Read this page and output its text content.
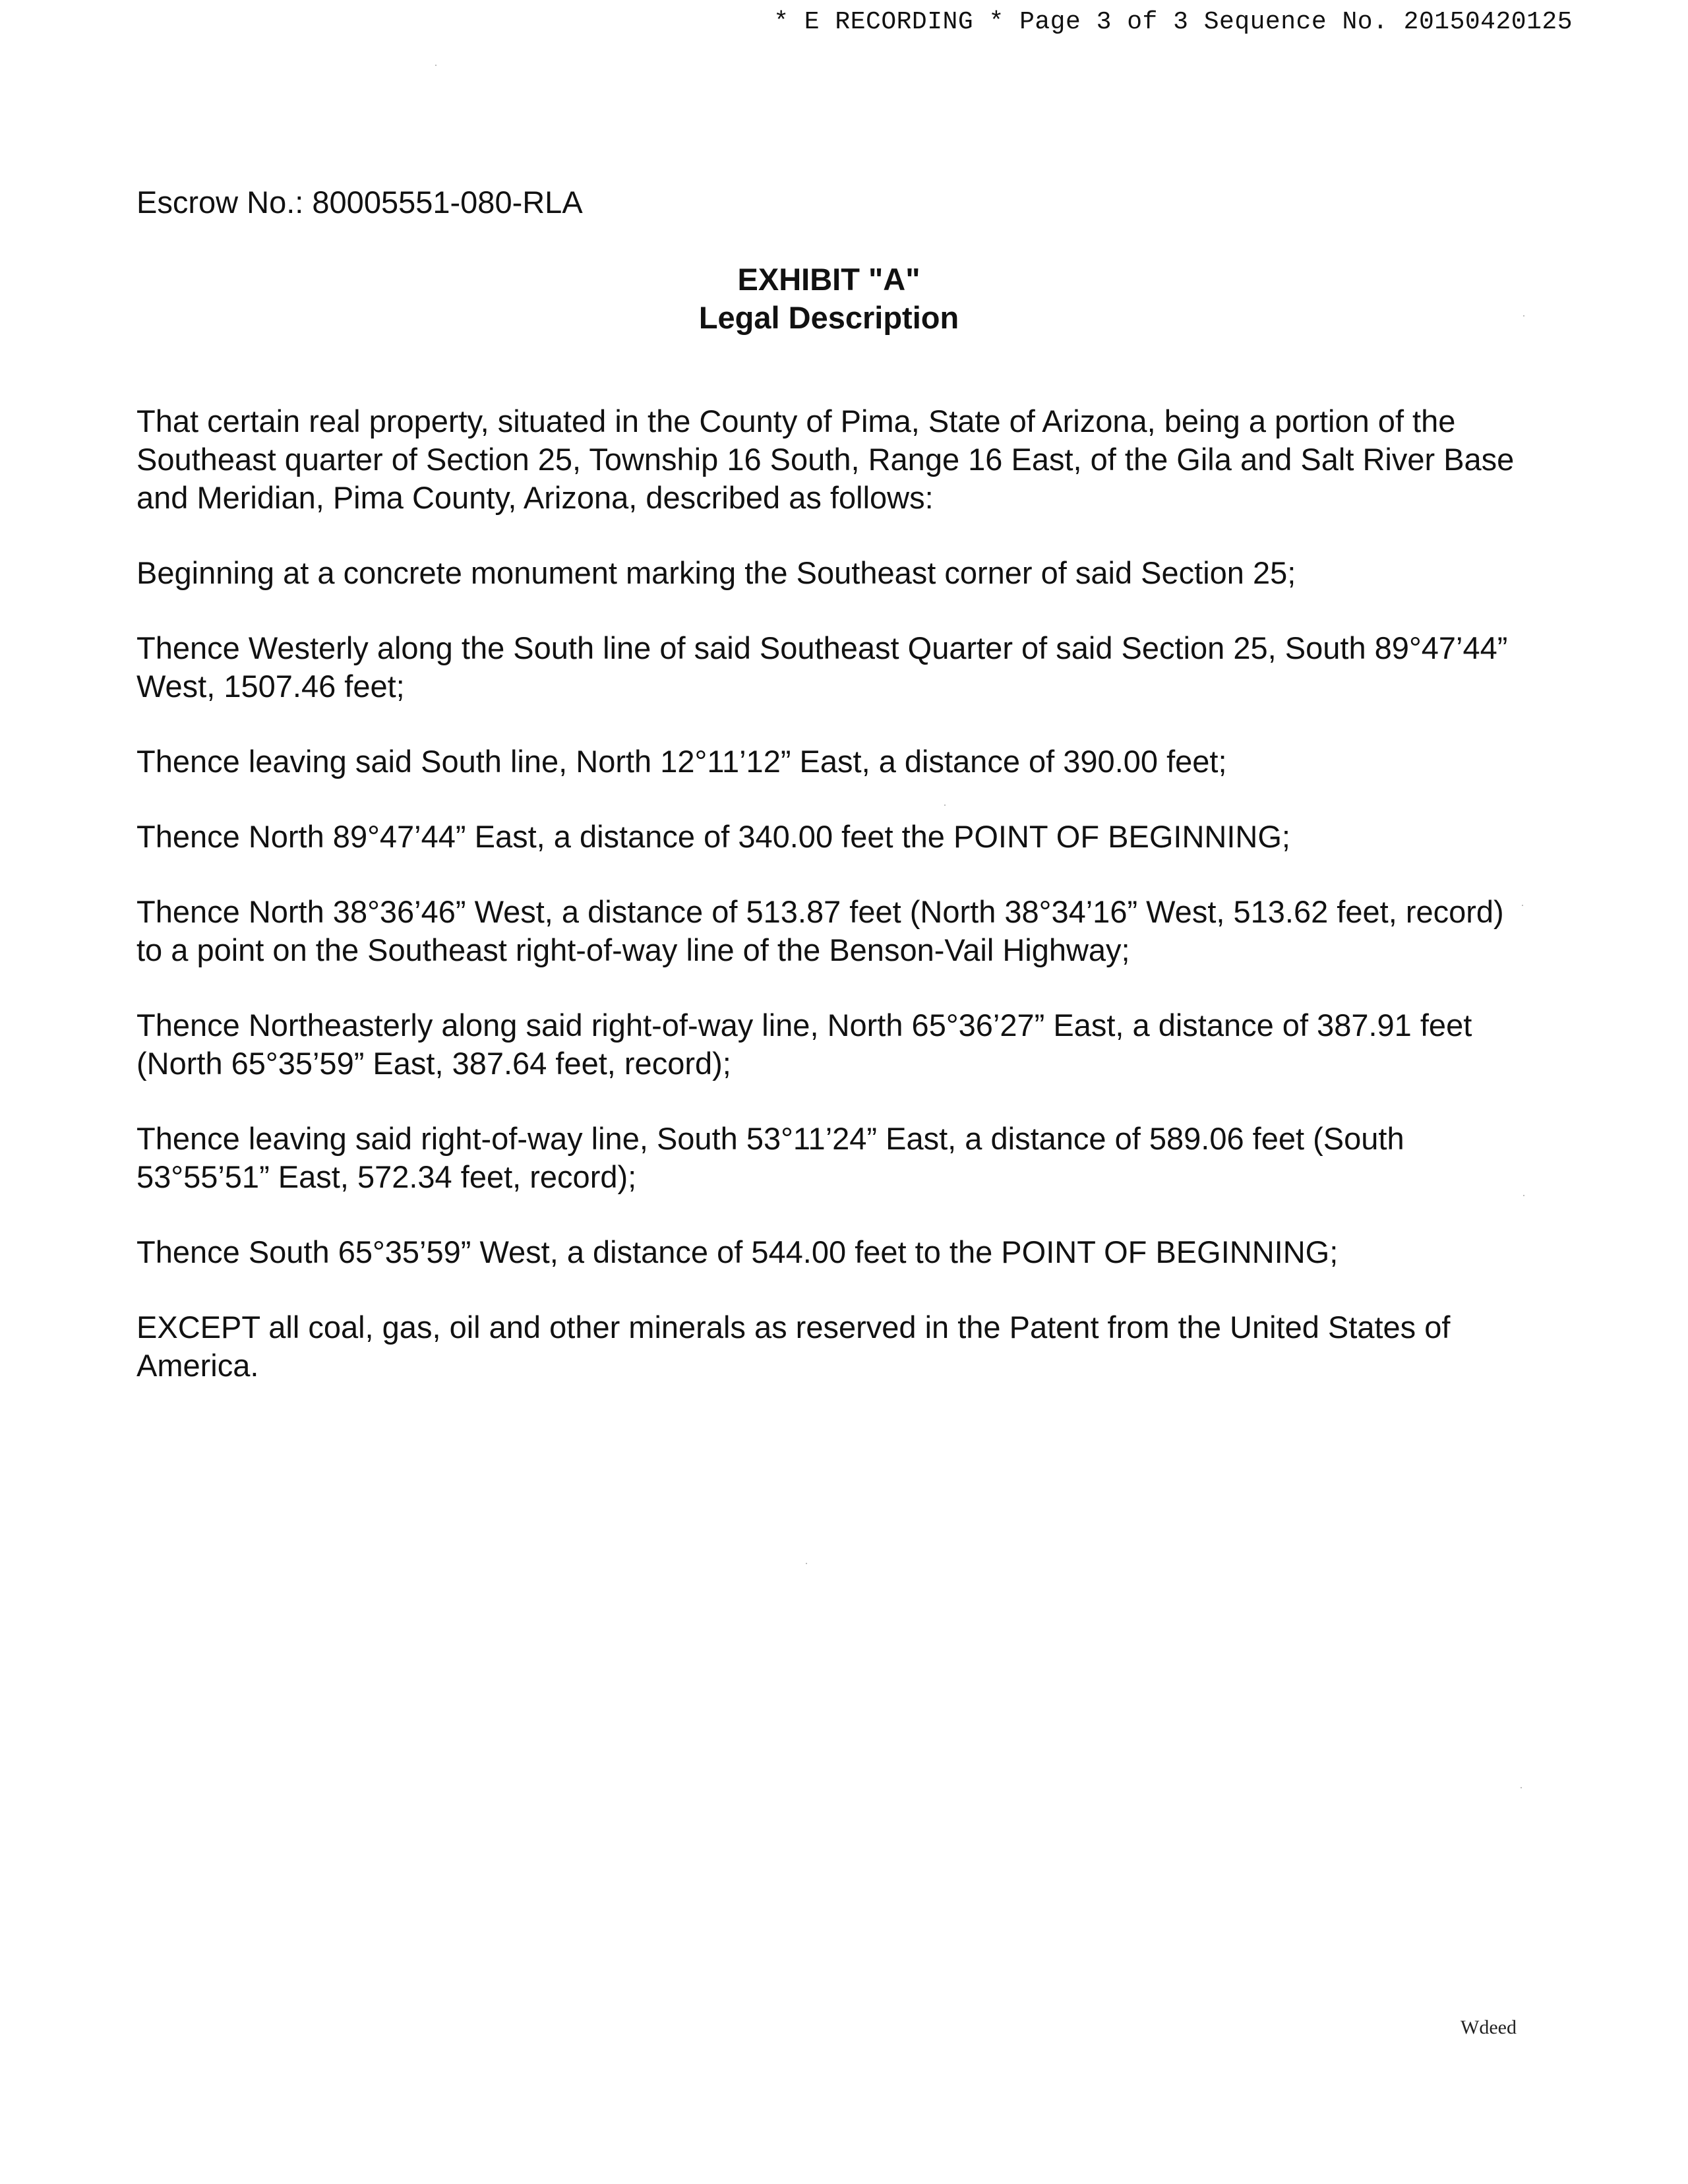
* E RECORDING * Page 3 of 3 Sequence No. 20150420125
Escrow No.: 80005551-080-RLA
EXHIBIT "A"
Legal Description

That certain real property, situated in the County of Pima, State of Arizona, being a portion of the Southeast quarter of Section 25, Township 16 South, Range 16 East, of the Gila and Salt River Base and Meridian, Pima County, Arizona, described as follows:

Beginning at a concrete monument marking the Southeast corner of said Section 25;

Thence Westerly along the South line of said Southeast Quarter of said Section 25, South 89°47’44” West, 1507.46 feet;

Thence leaving said South line, North 12°11’12” East, a distance of 390.00 feet;

Thence North 89°47’44” East, a distance of 340.00 feet the POINT OF BEGINNING;

Thence North 38°36’46” West, a distance of 513.87 feet (North 38°34’16” West, 513.62 feet, record) to a point on the Southeast right-of-way line of the Benson-Vail Highway;

Thence Northeasterly along said right-of-way line, North 65°36’27” East, a distance of 387.91 feet (North 65°35’59” East, 387.64 feet, record);

Thence leaving said right-of-way line, South 53°11’24” East, a distance of 589.06 feet (South 53°55’51” East, 572.34 feet, record);

Thence South 65°35’59” West, a distance of 544.00 feet to the POINT OF BEGINNING;

EXCEPT all coal, gas, oil and other minerals as reserved in the Patent from the United States of America.

Wdeed
